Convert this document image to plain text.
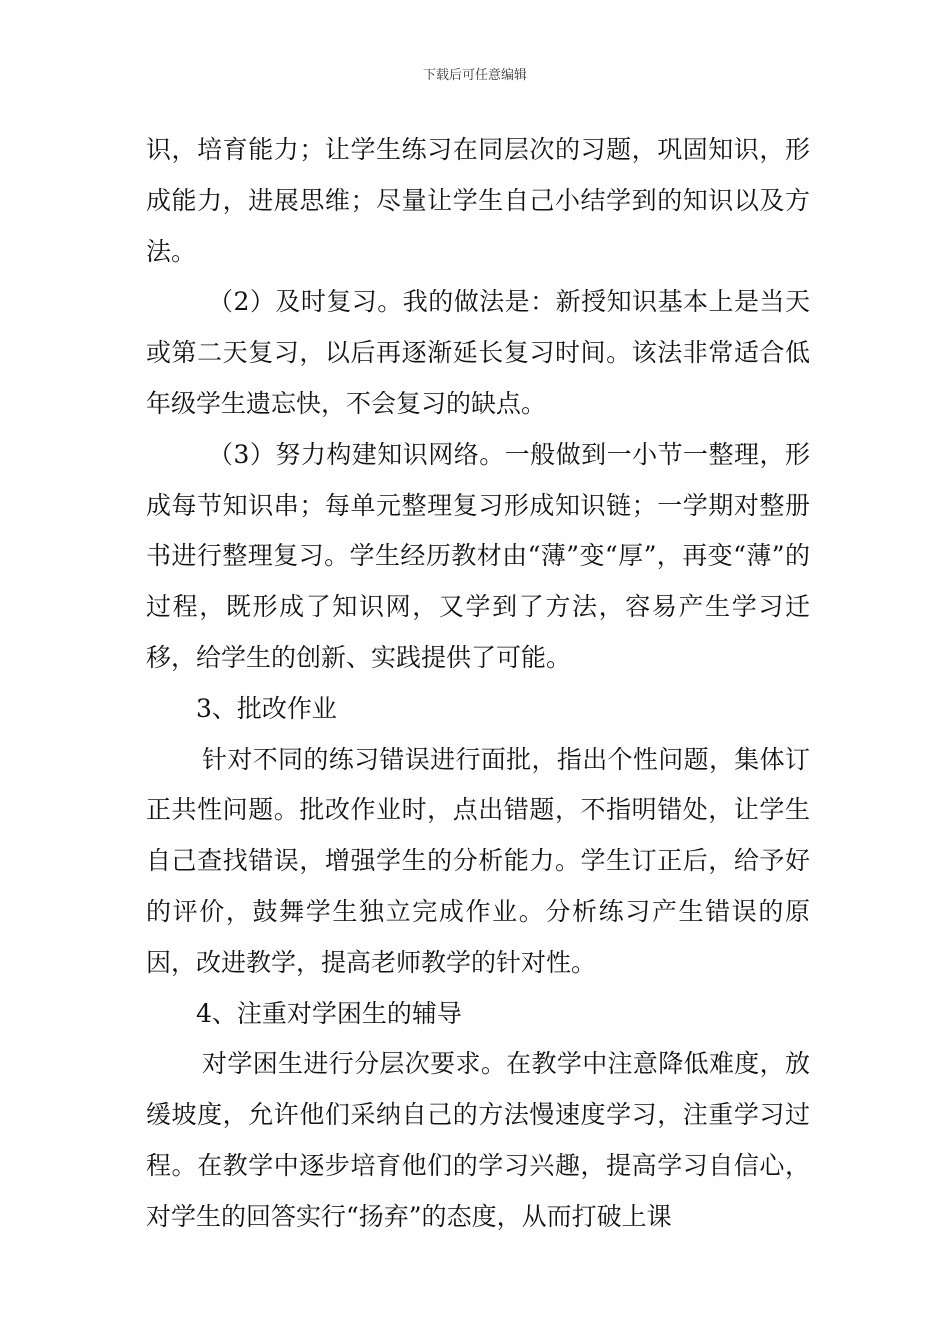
下载后可任意编辑

识，培育能力；让学生练习在同层次的习题，巩固知识，形成能力，进展思维；尽量让学生自己小结学到的知识以及方法。

（2）及时复习。我的做法是：新授知识基本上是当天或第二天复习，以后再逐渐延长复习时间。该法非常适合低年级学生遗忘快，不会复习的缺点。

（3）努力构建知识网络。一般做到一小节一整理，形成每节知识串；每单元整理复习形成知识链；一学期对整册书进行整理复习。学生经历教材由“薄”变“厚”，再变“薄”的过程，既形成了知识网，又学到了方法，容易产生学习迁移，给学生的创新、实践提供了可能。

3、批改作业

针对不同的练习错误进行面批，指出个性问题，集体订正共性问题。批改作业时，点出错题，不指明错处，让学生自己查找错误，增强学生的分析能力。学生订正后，给予好的评价，鼓舞学生独立完成作业。分析练习产生错误的原因，改进教学，提高老师教学的针对性。

4、注重对学困生的辅导

对学困生进行分层次要求。在教学中注意降低难度，放缓坡度，允许他们采纳自己的方法慢速度学习，注重学习过程。在教学中逐步培育他们的学习兴趣，提高学习自信心，对学生的回答实行“扬弃”的态度，从而打破上课
